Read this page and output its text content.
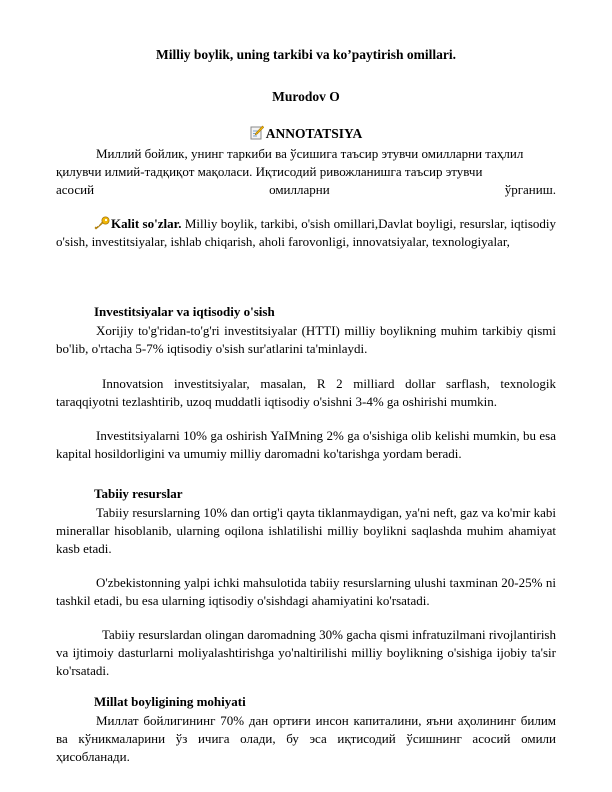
Milliy boylik, uning tarkibi va ko’paytirish omillari.
Murodov O
ANNOTATSIYA
Миллий бойлик, унинг таркиби ва ўсишига таъсир этувчи омилларни таҳлил
қилувчи илмий-тадқиқот мақоласи. Иқтисодий ривожланишга таъсир этувчи
асосий	омилларни	ўрганиш.
Kalit so'zlar. Milliy boylik, tarkibi, o'sish omillari,Davlat boyligi, resurslar, iqtisodiy o'sish, investitsiyalar, ishlab chiqarish, aholi farovonligi, innovatsiyalar, texnologiyalar,
Investitsiyalar va iqtisodiy o'sish
Xorijiy to'g'ridan-to'g'ri investitsiyalar (HTTI) milliy boylikning muhim tarkibiy qismi bo'lib, o'rtacha 5-7% iqtisodiy o'sish sur'atlarini ta'minlaydi.
Innovatsion investitsiyalar, masalan, R 2 milliard dollar sarflash, texnologik taraqqiyotni tezlashtirib, uzoq muddatli iqtisodiy o'sishni 3-4% ga oshirishi mumkin.
Investitsiyalarni 10% ga oshirish YaIMning 2% ga o'sishiga olib kelishi mumkin, bu esa kapital hosildorligini va umumiy milliy daromadni ko'tarishga yordam beradi.
Tabiiy resurslar
Tabiiy resurslarning 10% dan ortig'i qayta tiklanmaydigan, ya'ni neft, gaz va ko'mir kabi minerallar hisoblanib, ularning oqilona ishlatilishi milliy boylikni saqlashda muhim ahamiyat kasb etadi.
O'zbekistonning yalpi ichki mahsulotida tabiiy resurslarning ulushi taxminan 20-25% ni tashkil etadi, bu esa ularning iqtisodiy o'sishdagi ahamiyatini ko'rsatadi.
Tabiiy resurslardan olingan daromadning 30% gacha qismi infratuzilmani rivojlantirish va ijtimoiy dasturlarni moliyalashtirishga yo'naltirilishi milliy boylikning o'sishiga ijobiy ta'sir ko'rsatadi.
Millat boyligining mohiyati
Миллат бойлигининг 70% дан ортиғи инсон капиталини, яъни аҳолининг билим ва кўникмаларини ўз ичига олади, бу эса иқтисодий ўсишнинг асосий омили ҳисобланади.
